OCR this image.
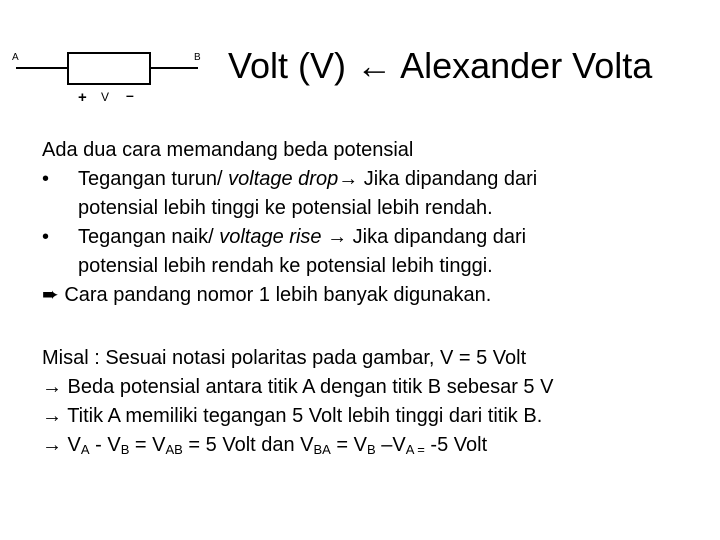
A	B
+ V –
Volt (V) ← Alexander Volta
Ada dua cara memandang beda potensial
•	Tegangan turun/ voltage drop→ Jika dipandang dari
potensial lebih tinggi ke potensial lebih rendah.
•	Tegangan naik/ voltage rise → Jika dipandang dari
potensial lebih rendah ke potensial lebih tinggi.
➨ Cara pandang nomor 1 lebih banyak digunakan.
Misal : Sesuai notasi polaritas pada gambar, V = 5 Volt
→ Beda potensial antara titik A dengan titik B sebesar 5 V
→ Titik A memiliki tegangan 5 Volt lebih tinggi dari titik B.
→ $V_A - V_B = V_{AB} = 5$ Volt dan $V_{BA} = V_B$ $-V_{A =}$ -5 Volt
